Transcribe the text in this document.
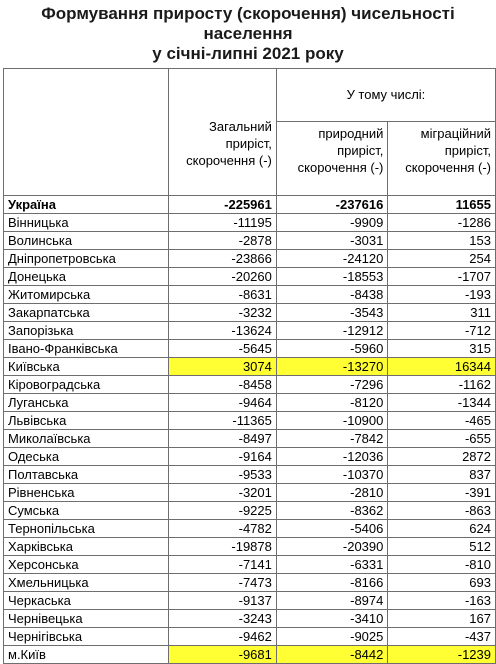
Формування приросту (скорочення) чисельності
населення
у січні-липні 2021 року
	Загальний
приріст,
скорочення (-)	У тому числі:	
		природний
приріст,
скорочення (-)	міграційний
приріст,
скорочення (-)
Україна	-225961	-237616	11655
Вінницька	-11195	-9909	-1286
Волинська	-2878	-3031	153
Дніпропетровська	-23866	-24120	254
Донецька	-20260	-18553	-1707
Житомирська	-8631	-8438	-193
Закарпатська	-3232	-3543	311
Запорізька	-13624	-12912	-712
Івано-Франківська	-5645	-5960	315
Київська	3074	-13270	16344
Кіровоградська	-8458	-7296	-1162
Луганська	-9464	-8120	-1344
Львівська	-11365	-10900	-465
Миколаївська	-8497	-7842	-655
Одеська	-9164	-12036	2872
Полтавська	-9533	-10370	837
Рівненська	-3201	-2810	-391
Сумська	-9225	-8362	-863
Тернопільська	-4782	-5406	624
Харківська	-19878	-20390	512
Херсонська	-7141	-6331	-810
Хмельницька	-7473	-8166	693
Черкаська	-9137	-8974	-163
Чернівецька	-3243	-3410	167
Чернігівська	-9462	-9025	-437
м.Київ	-9681	-8442	-1239
